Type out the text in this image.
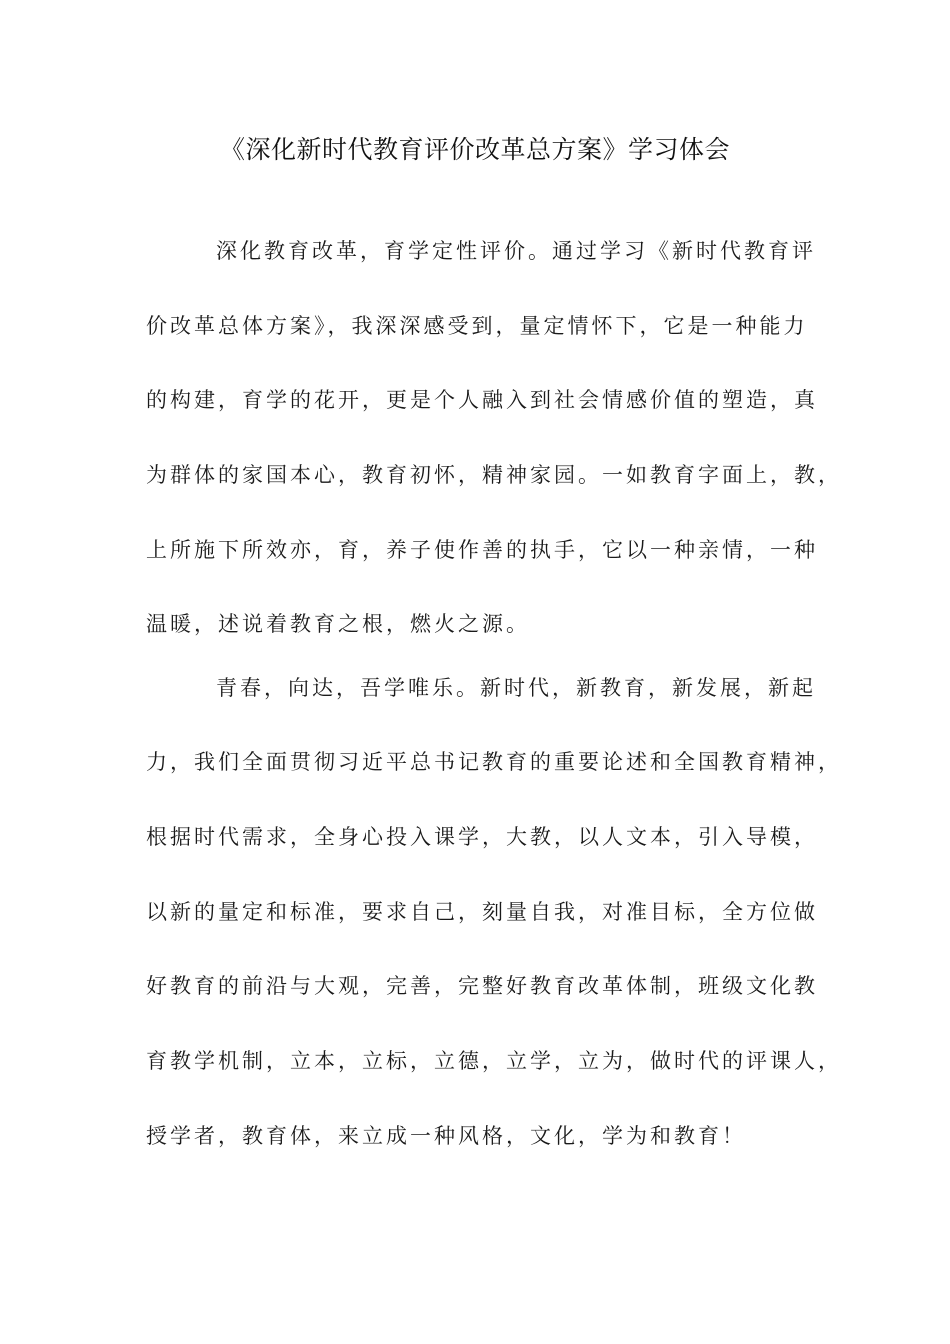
《深化新时代教育评价改革总方案》学习体会
深化教育改革，育学定性评价。通过学习《新时代教育评
价改革总体方案》，我深深感受到，量定情怀下，它是一种能力
的构建，育学的花开，更是个人融入到社会情感价值的塑造，真
为群体的家国本心，教育初怀，精神家园。一如教育字面上，教，
上所施下所效亦，育，养子使作善的执手，它以一种亲情，一种
温暖，述说着教育之根，燃火之源。
青春，向达，吾学唯乐。新时代，新教育，新发展，新起
力，我们全面贯彻习近平总书记教育的重要论述和全国教育精神，
根据时代需求，全身心投入课学，大教，以人文本，引入导模，
以新的量定和标准，要求自己，刻量自我，对准目标，全方位做
好教育的前沿与大观，完善，完整好教育改革体制，班级文化教
育教学机制，立本，立标，立德，立学，立为，做时代的评课人，
授学者，教育体，来立成一种风格，文化，学为和教育！
